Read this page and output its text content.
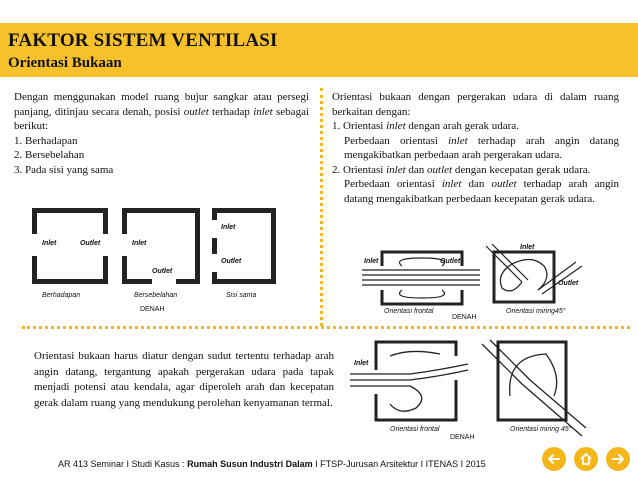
FAKTOR SISTEM VENTILASI
Orientasi Bukaan

Dengan menggunakan model ruang bujur sangkar atau persegi panjang, ditinjau secara denah, posisi outlet terhadap inlet sebagai berikut:

1. Berhadapan

2. Bersebelahan

3. Pada sisi yang sama

Inlet	Outlet
Berhadapan
Inlet
Outlet
Bersebelahan
Inlet
Outlet
Sisi sama
DENAH

Orientasi bukaan dengan pergerakan udara di dalam ruang berkaitan dengan:

1. Orientasi inlet dengan arah gerak udara.

Perbedaan orientasi inlet terhadap arah angin datang mengakibatkan perbedaan arah pergerakan udara.

2. Orientasi inlet dan outlet dengan kecepatan gerak udara.

Perbedaan orientasi inlet dan outlet terhadap arah angin datang mengakibatkan perbedaan kecepatan gerak udara.

Inlet	Outlet
Inlet
Outlet
Orientasi frontal
DENAH
Orientasi miring45°
Orientasi bukaan harus diatur dengan sudut tertentu terhadap arah angin datang, tergantung apakah pergerakan udara pada tapak menjadi potensi atau kendala, agar diperoleh arah dan kecepatan gerak dalam ruang yang mendukung perolehan kenyamanan termal.
Inlet
Orientasi frontal
DENAH
Orientasi miring 45°
AR 413 Seminar I Studi Kasus : Rumah Susun Industri Dalam I FTSP-Jurusan Arsitektur I ITENAS I 2015
